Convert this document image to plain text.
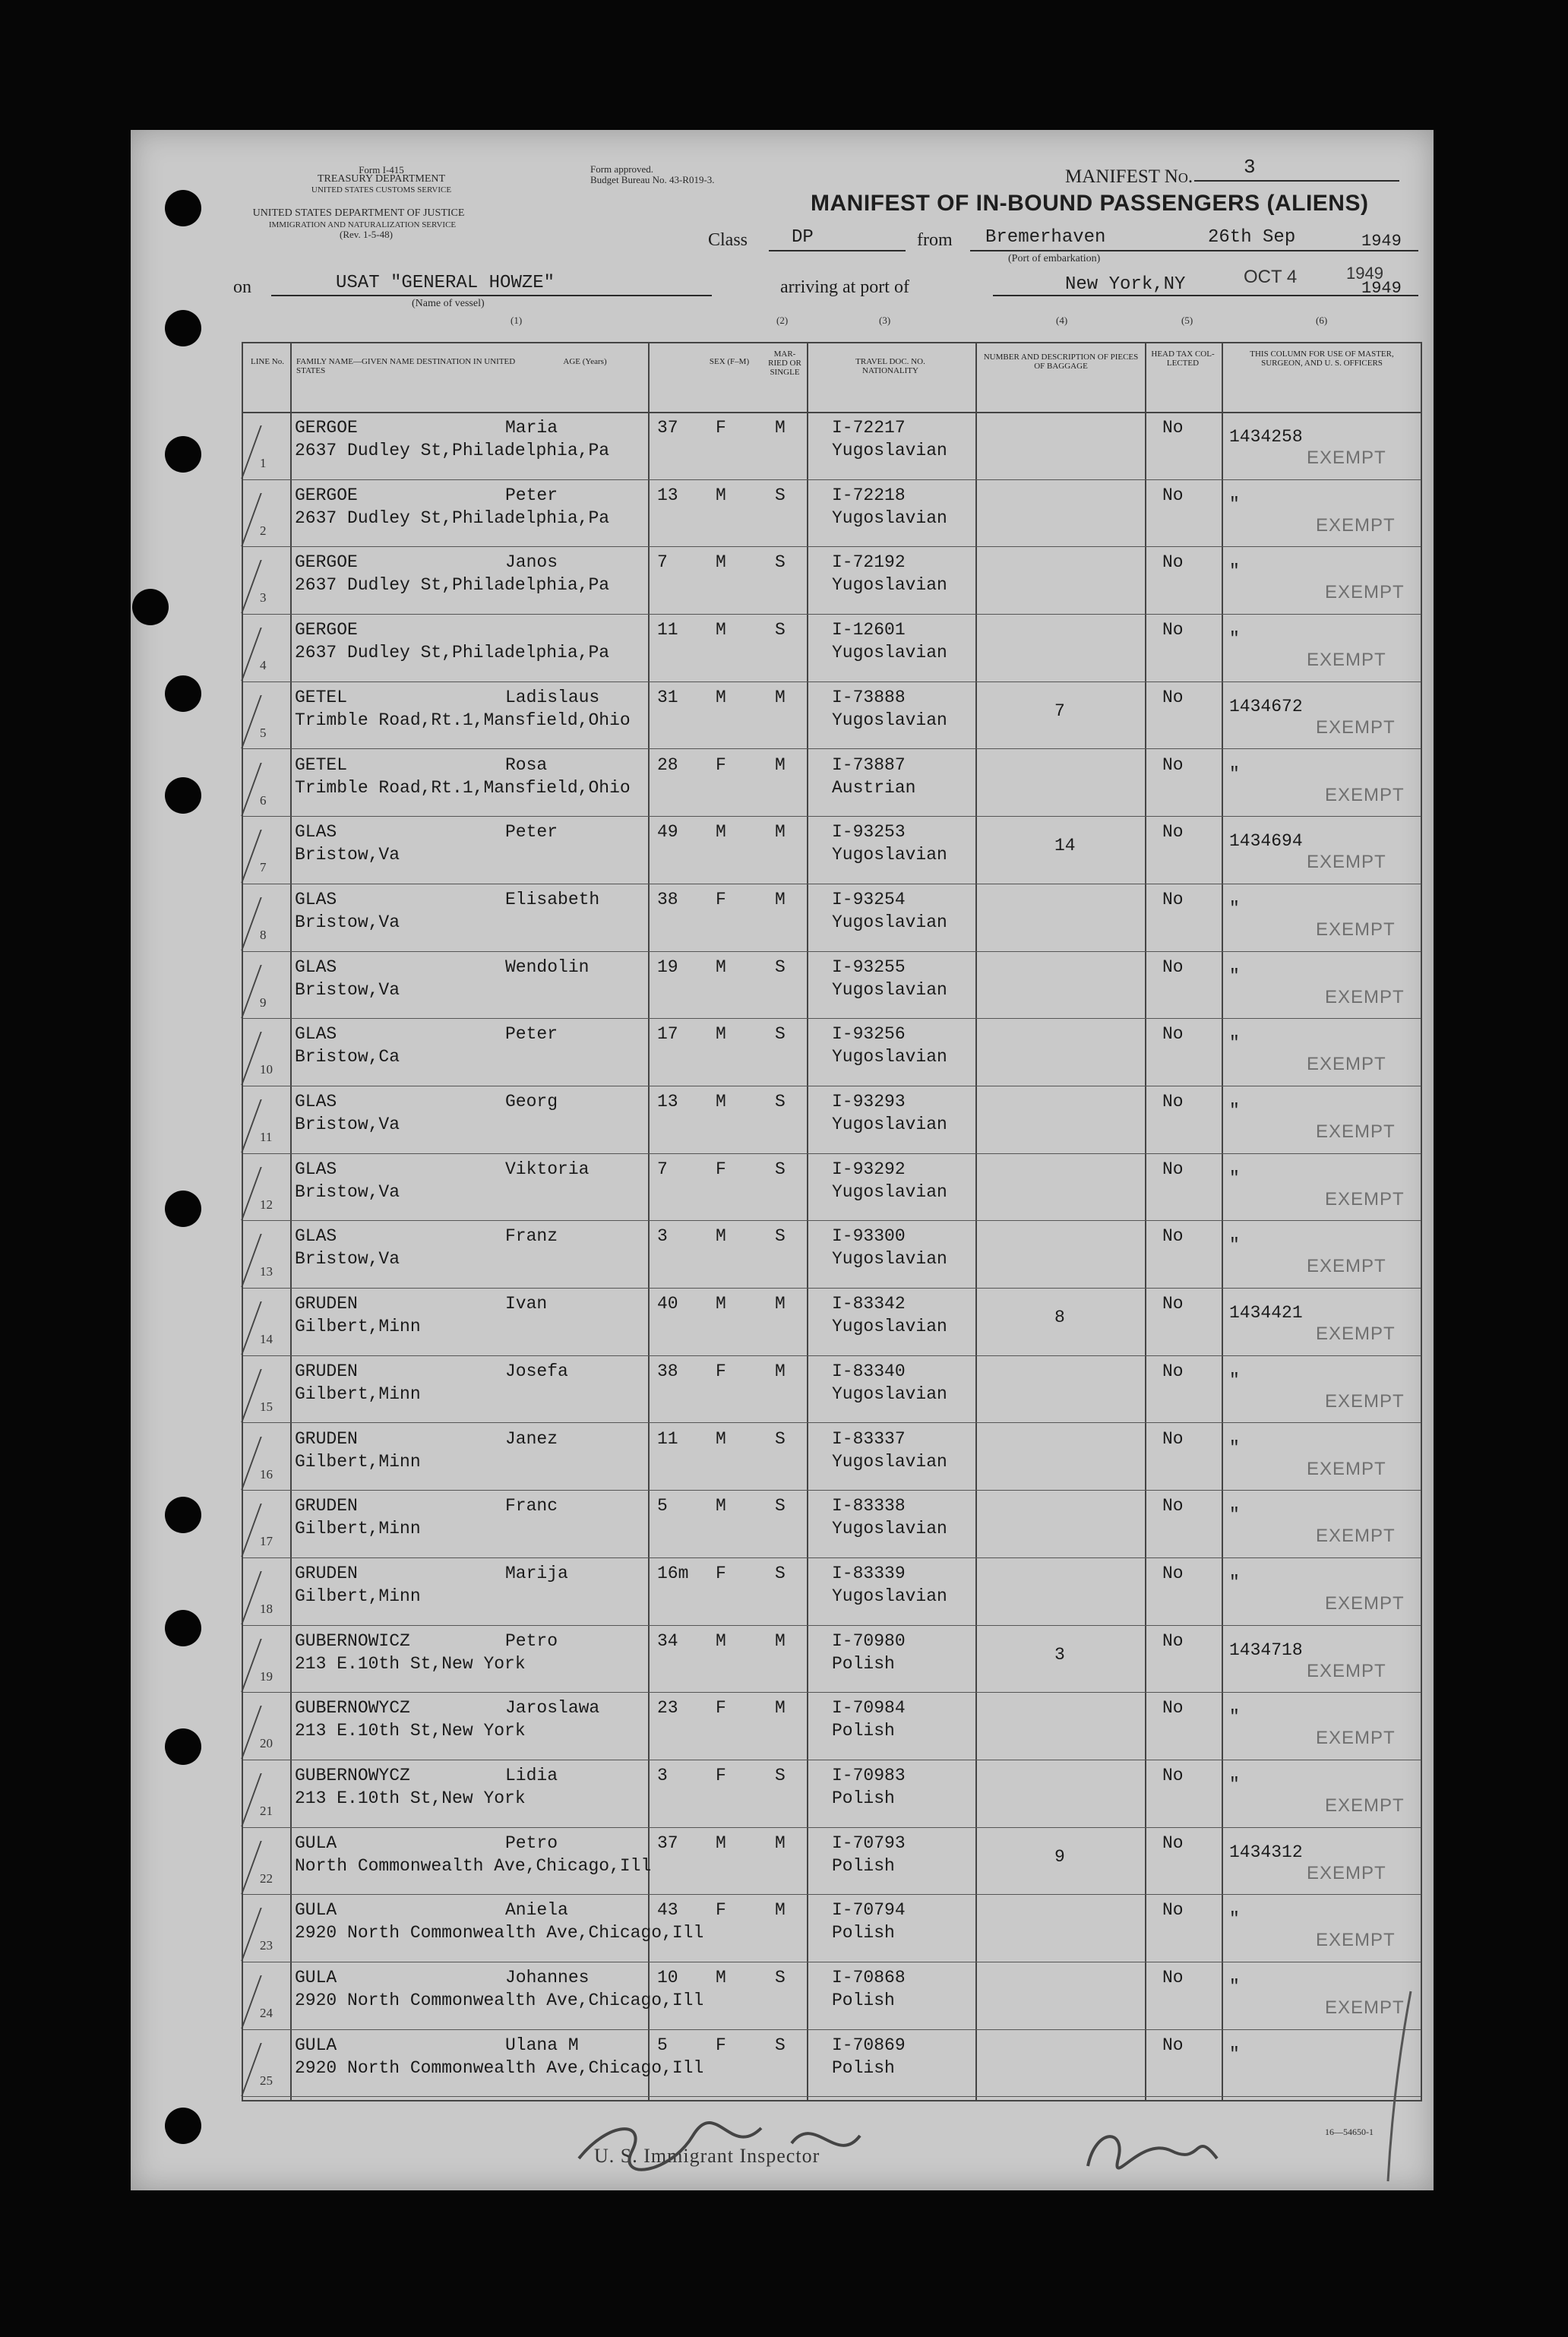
Form I-415
TREASURY DEPARTMENT
UNITED STATES CUSTOMS SERVICE
UNITED STATES DEPARTMENT OF JUSTICE
IMMIGRATION AND NATURALIZATION SERVICE
(Rev. 1-5-48)
Form approved.
Budget Bureau No. 43-R019-3.	MANIFEST No.	3
MANIFEST OF IN-BOUND PASSENGERS (ALIENS)
Class DP	from Bremerhaven
(Port of embarkation)
26th Sep	1949
on	USAT "GENERAL HOWZE"
(Name of vessel)
arriving at port of	New York,NY	OCT 4	1949
1949
(1)	(2)	(3)	(4)	(5)	(6)
LINE No.	FAMILY NAME—GIVEN NAME DESTINATION IN UNITED STATES
AGE (Years)	SEX (F–M)
MAR-RIED OR SINGLE
TRAVEL DOC. NO. NATIONALITY
NUMBER AND DESCRIPTION OF PIECES OF BAGGAGE
HEAD TAX COL-LECTED
THIS COLUMN FOR USE OF MASTER, SURGEON, AND U. S. OFFICERS
1
GERGOE	Maria
2637 Dudley St,Philadelphia,Pa
37 F	M	I-72217
Yugoslavian
No	1434258
EXEMPT
2
GERGOE	Peter
2637 Dudley St,Philadelphia,Pa
13 M	S	I-72218
Yugoslavian
No	"
EXEMPT
3
GERGOE	Janos
2637 Dudley St,Philadelphia,Pa
7	M	S	I-72192
Yugoslavian
No	"
EXEMPT
4
GERGOE
2637 Dudley St,Philadelphia,Pa
11 M	S	I-12601
Yugoslavian
No	"
EXEMPT
5
GETEL	Ladislaus
Trimble Road,Rt.1,Mansfield,Ohio
31 M	M	I-73888
Yugoslavian	7
No	1434672
EXEMPT
6
GETEL	Rosa
Trimble Road,Rt.1,Mansfield,Ohio
28 F	M	I-73887
Austrian
No	"
EXEMPT
7
GLAS	Peter
Bristow,Va
49 M	M	I-93253
Yugoslavian	14
No	1434694
EXEMPT
8
GLAS	Elisabeth
Bristow,Va
38 F	M	I-93254
Yugoslavian
No	"
EXEMPT
9
GLAS	Wendolin
Bristow,Va
19 M	S	I-93255
Yugoslavian
No	"
EXEMPT
10
GLAS	Peter
Bristow,Ca
17 M	S	I-93256
Yugoslavian
No	"
EXEMPT
11
GLAS	Georg
Bristow,Va
13 M	S	I-93293
Yugoslavian
No	"
EXEMPT
12
GLAS	Viktoria
Bristow,Va
7	F	S	I-93292
Yugoslavian
No	"
EXEMPT
13
GLAS	Franz
Bristow,Va
3	M	S	I-93300
Yugoslavian
No	"
EXEMPT
14
GRUDEN	Ivan
Gilbert,Minn
40 M	M	I-83342
Yugoslavian	8
No	1434421
EXEMPT
15
GRUDEN	Josefa
Gilbert,Minn
38 F	M	I-83340
Yugoslavian
No	"
EXEMPT
16
GRUDEN	Janez
Gilbert,Minn
11 M	S	I-83337
Yugoslavian
No	"
EXEMPT
17
GRUDEN	Franc
Gilbert,Minn
5	M	S	I-83338
Yugoslavian
No	"
EXEMPT
18
GRUDEN	Marija
Gilbert,Minn
16m F	S	I-83339
Yugoslavian
No	"
EXEMPT
19
GUBERNOWICZ	Petro
213 E.10th St,New York
34 M	M	I-70980
Polish	3
No	1434718
EXEMPT
20
GUBERNOWYCZ	Jaroslawa
213 E.10th St,New York
23 F	M	I-70984
Polish
No	"
EXEMPT
21
GUBERNOWYCZ	Lidia
213 E.10th St,New York
3	F	S	I-70983
Polish
No	"
EXEMPT
22
GULA	Petro
North Commonwealth Ave,Chicago,Ill
37 M	M	I-70793
Polish	9
No	1434312
EXEMPT
23
GULA	Aniela
2920 North Commonwealth Ave,Chicago,Ill
43 F	M	I-70794
Polish
No	"
EXEMPT
24
GULA	Johannes
2920 North Commonwealth Ave,Chicago,Ill
10 M	S	I-70868
Polish
No	"
EXEMPT
25
GULA	Ulana M
2920 North Commonwealth Ave,Chicago,Ill
5	F	S	I-70869
Polish
No	"
U. S. Immigrant Inspector
16—54650-1
